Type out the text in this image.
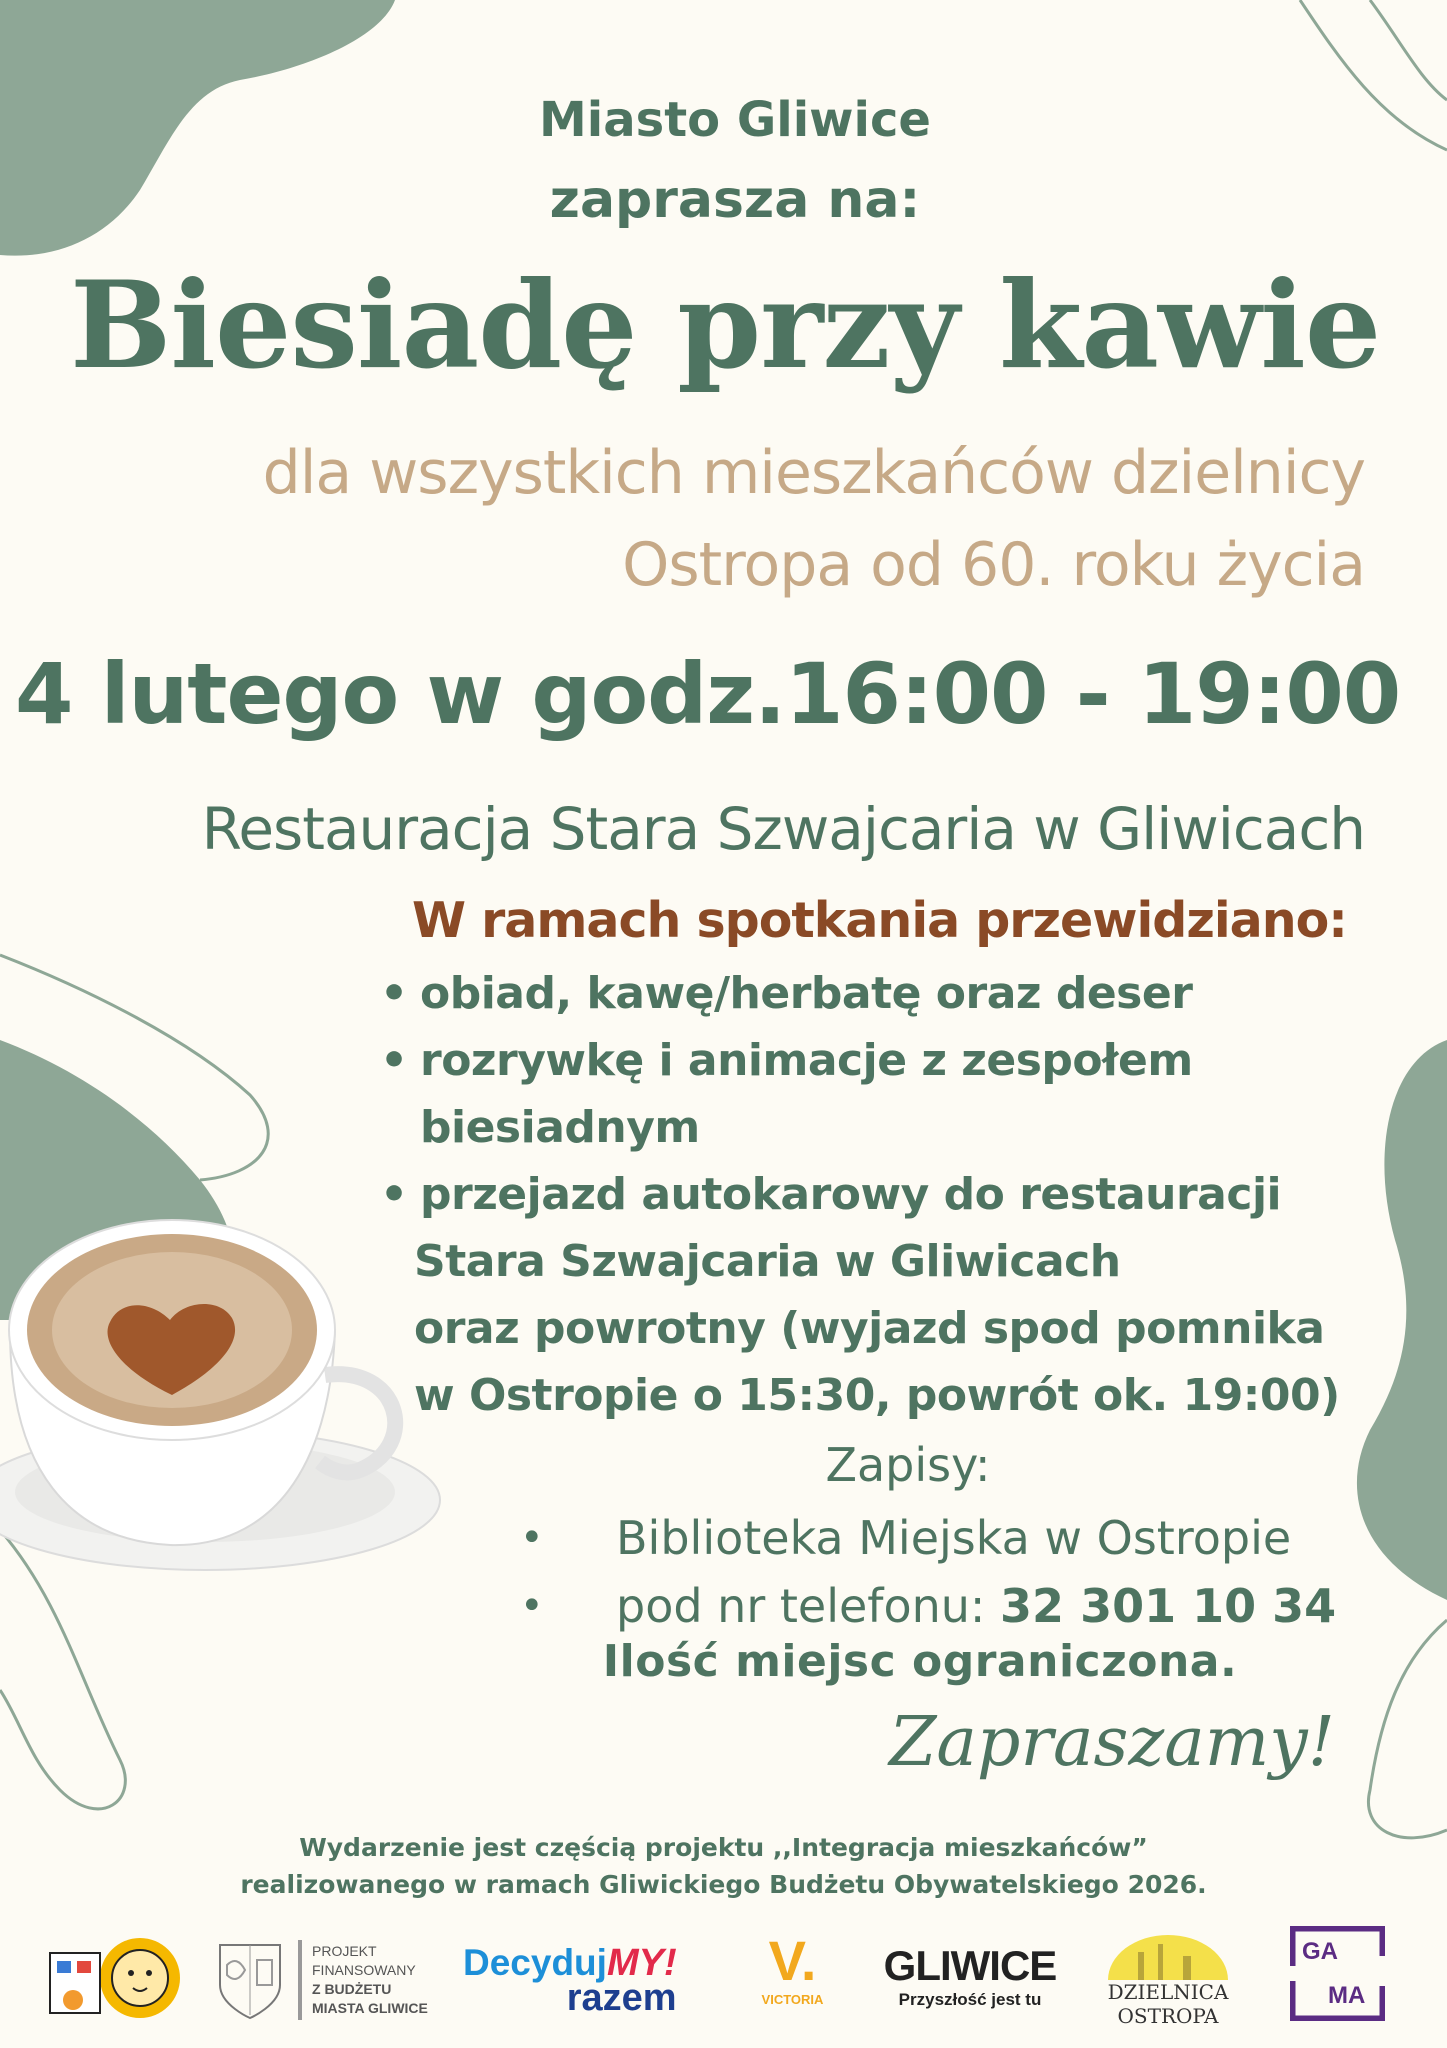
Miasto Gliwice
zaprasza na:
Biesiadę przy kawie
dla wszystkich mieszkańców dzielnicy
Ostropa od 60. roku życia
4 lutego w godz.16:00 - 19:00
Restauracja Stara Szwajcaria w Gliwicach
W ramach spotkania przewidziano:
• obiad, kawę/herbatę oraz deser
• rozrywkę i animacje z zespołem
biesiadnym
• przejazd autokarowy do restauracji
Stara Szwajcaria w Gliwicach
oraz powrotny (wyjazd spod pomnika
w Ostropie o 15:30, powrót ok. 19:00)
Zapisy:
•	Biblioteka Miejska w Ostropie
•	pod nr telefonu: 32 301 10 34
Ilość miejsc ograniczona.
Zapraszamy!
Wydarzenie jest częścią projektu ,,Integracja mieszkańców”
realizowanego w ramach Gliwickiego Budżetu Obywatelskiego 2026.
PROJEKT
FINANSOWANY
Z BUDŻETU
MIASTA GLIWICE
DecydujMY!
razem
V.
VICTORIA
GLIWICE
Przyszłość jest tu	DZIELNICA
OSTROPA
GA
MA
